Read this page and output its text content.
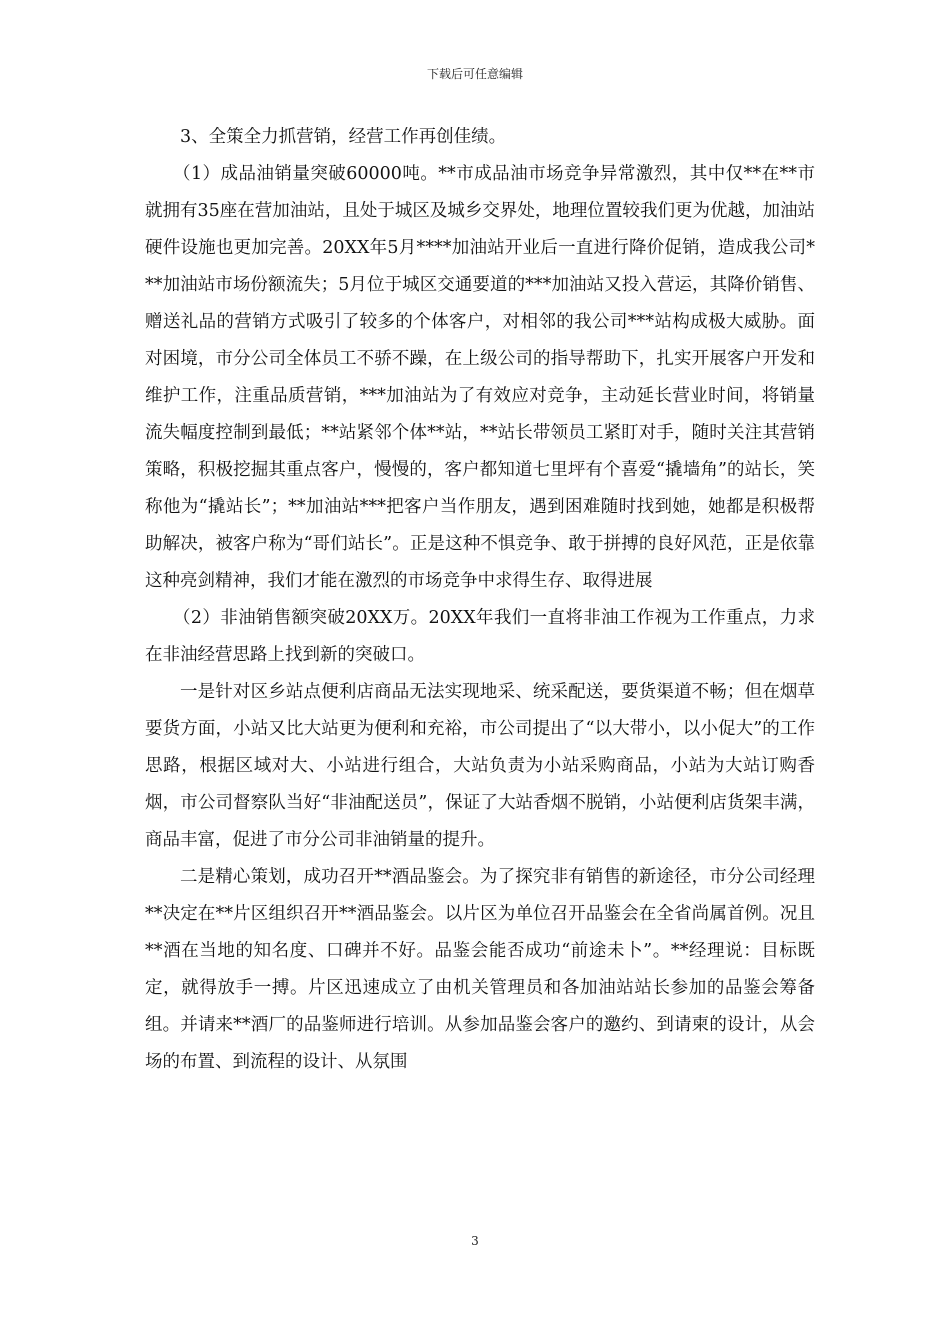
下载后可任意编辑

3、全策全力抓营销，经营工作再创佳绩。

（1）成品油销量突破60000吨。**市成品油市场竞争异常激烈，其中仅**在**市就拥有35座在营加油站，且处于城区及城乡交界处，地理位置较我们更为优越，加油站硬件设施也更加完善。20XX年5月****加油站开业后一直进行降价促销，造成我公司***加油站市场份额流失；5月位于城区交通要道的***加油站又投入营运，其降价销售、赠送礼品的营销方式吸引了较多的个体客户，对相邻的我公司***站构成极大威胁。面对困境，市分公司全体员工不骄不躁，在上级公司的指导帮助下，扎实开展客户开发和维护工作，注重品质营销，***加油站为了有效应对竞争，主动延长营业时间，将销量流失幅度控制到最低；**站紧邻个体**站，**站长带领员工紧盯对手，随时关注其营销策略，积极挖掘其重点客户，慢慢的，客户都知道七里坪有个喜爱“撬墙角”的站长，笑称他为“撬站长”；**加油站***把客户当作朋友，遇到困难随时找到她，她都是积极帮助解决，被客户称为“哥们站长”。正是这种不惧竞争、敢于拼搏的良好风范，正是依靠这种亮剑精神，我们才能在激烈的市场竞争中求得生存、取得进展

（2）非油销售额突破20XX万。20XX年我们一直将非油工作视为工作重点，力求在非油经营思路上找到新的突破口。

一是针对区乡站点便利店商品无法实现地采、统采配送，要货渠道不畅；但在烟草要货方面，小站又比大站更为便利和充裕，市公司提出了“以大带小，以小促大”的工作思路，根据区域对大、小站进行组合，大站负责为小站采购商品，小站为大站订购香烟，市公司督察队当好“非油配送员”，保证了大站香烟不脱销，小站便利店货架丰满，商品丰富，促进了市分公司非油销量的提升。

二是精心策划，成功召开**酒品鉴会。为了探究非有销售的新途径，市分公司经理**决定在**片区组织召开**酒品鉴会。以片区为单位召开品鉴会在全省尚属首例。况且**酒在当地的知名度、口碑并不好。品鉴会能否成功“前途未卜”。**经理说：目标既定，就得放手一搏。片区迅速成立了由机关管理员和各加油站站长参加的品鉴会筹备组。并请来**酒厂的品鉴师进行培训。从参加品鉴会客户的邀约、到请柬的设计，从会场的布置、到流程的设计、从氛围

3
